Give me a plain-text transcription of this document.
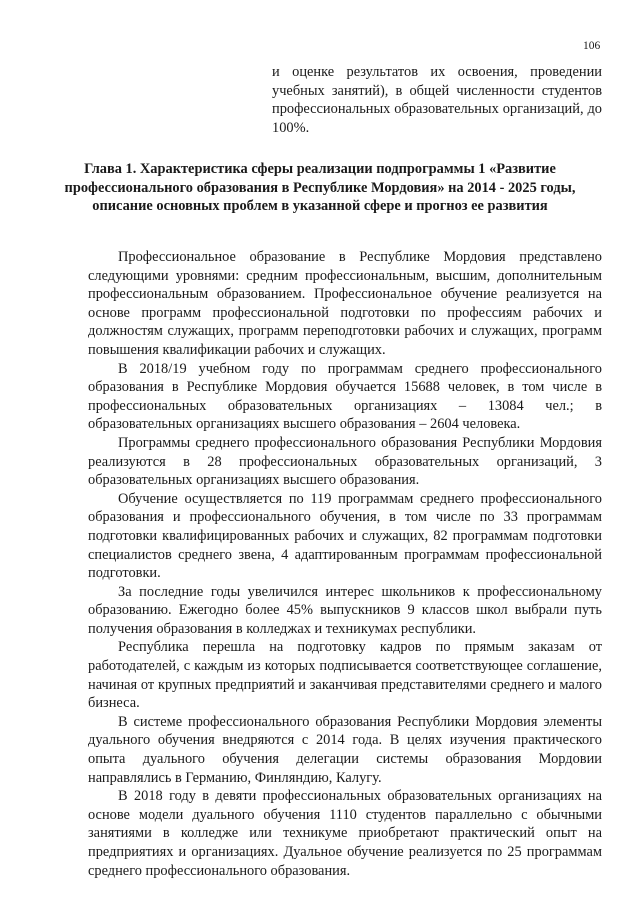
106

и оценке результатов их освоения, проведении учебных занятий), в общей численности студентов профессиональных образовательных организаций, до 100%.

Глава 1. Характеристика сферы реализации подпрограммы 1 «Развитие профессионального образования в Республике Мордовия» на 2014 - 2025 годы, описание основных проблем в указанной сфере и прогноз ее развития

Профессиональное образование в Республике Мордовия представлено следующими уровнями: средним профессиональным, высшим, дополнительным профессиональным образованием. Профессиональное обучение реализуется на основе программ профессиональной подготовки по профессиям рабочих и должностям служащих, программ переподготовки рабочих и служащих, программ повышения квалификации рабочих и служащих.

В 2018/19 учебном году по программам среднего профессионального образования в Республике Мордовия обучается 15688 человек, в том числе в профессиональных образовательных организациях – 13084 чел.; в образовательных организациях высшего образования – 2604 человека.

Программы среднего профессионального образования Республики Мордовия реализуются в 28 профессиональных образовательных организаций, 3 образовательных организациях высшего образования.

Обучение осуществляется по 119 программам среднего профессионального образования и профессионального обучения, в том числе по 33 программам подготовки квалифицированных рабочих и служащих, 82 программам подготовки специалистов среднего звена, 4 адаптированным программам профессиональной подготовки.

За последние годы увеличился интерес школьников к профессиональному образованию. Ежегодно более 45% выпускников 9 классов школ выбрали путь получения образования в колледжах и техникумах республики.

Республика перешла на подготовку кадров по прямым заказам от работодателей, с каждым из которых подписывается соответствующее соглашение, начиная от крупных предприятий и заканчивая представителями среднего и малого бизнеса.

В системе профессионального образования Республики Мордовия элементы дуального обучения внедряются с 2014 года. В целях изучения практического опыта дуального обучения делегации системы образования Мордовии направлялись в Германию, Финляндию, Калугу.

В 2018 году в девяти профессиональных образовательных организациях на основе модели дуального обучения 1110 студентов параллельно с обычными занятиями в колледже или техникуме приобретают практический опыт на предприятиях и организациях. Дуальное обучение реализуется по 25 программам среднего профессионального образования.
